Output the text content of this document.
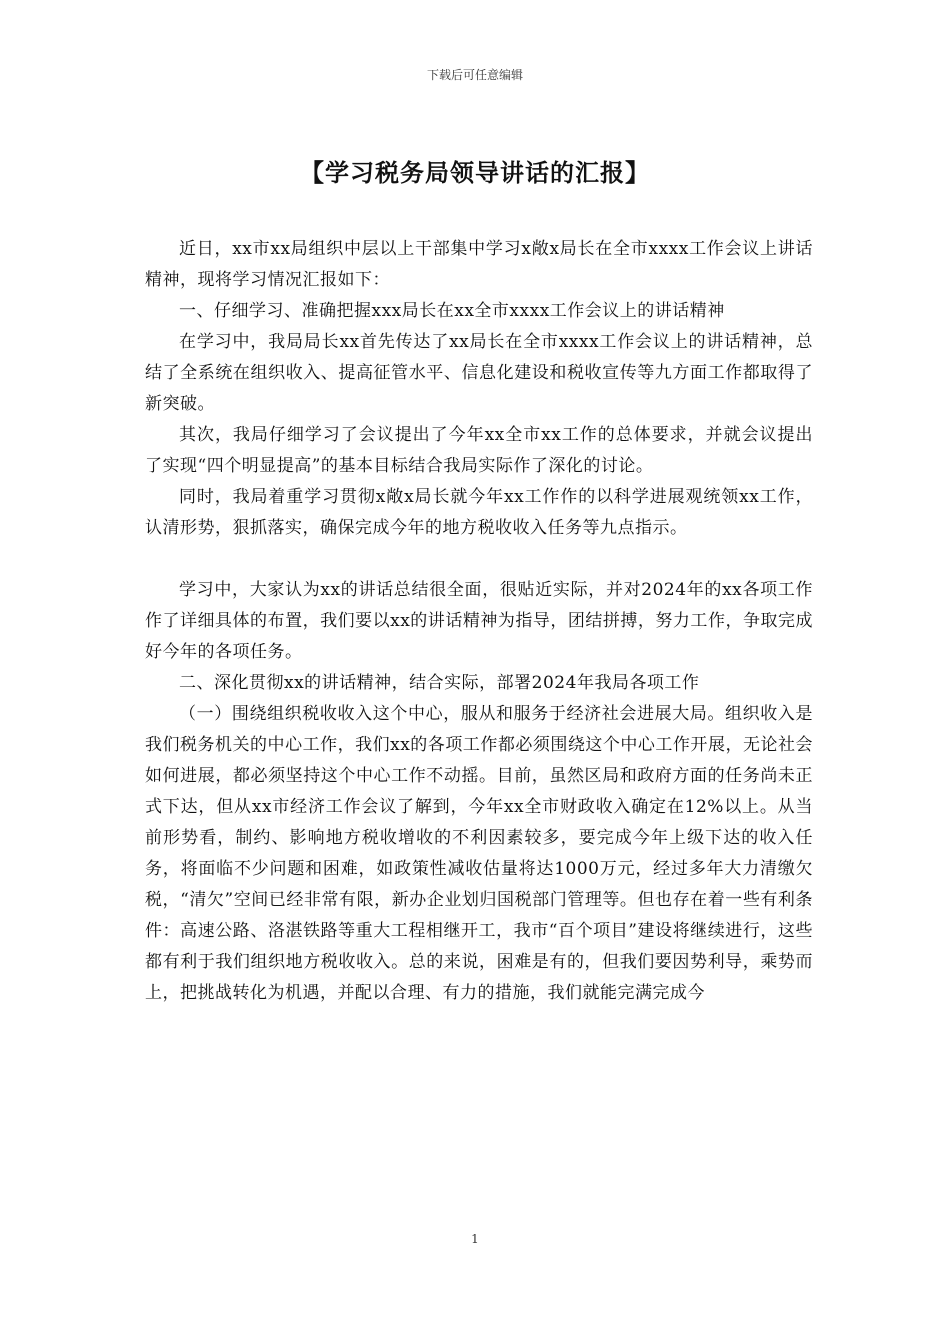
下载后可任意编辑
【学习税务局领导讲话的汇报】

近日，xx市xx局组织中层以上干部集中学习x敞x局长在全市xxxx工作会议上讲话精神，现将学习情况汇报如下：

一、仔细学习、准确把握xxx局长在xx全市xxxx工作会议上的讲话精神

在学习中，我局局长xx首先传达了xx局长在全市xxxx工作会议上的讲话精神，总结了全系统在组织收入、提高征管水平、信息化建设和税收宣传等九方面工作都取得了新突破。

其次，我局仔细学习了会议提出了今年xx全市xx工作的总体要求，并就会议提出了实现“四个明显提高”的基本目标结合我局实际作了深化的讨论。

同时，我局着重学习贯彻x敞x局长就今年xx工作作的以科学进展观统领xx工作，认清形势，狠抓落实，确保完成今年的地方税收收入任务等九点指示。

学习中，大家认为xx的讲话总结很全面，很贴近实际，并对2024年的xx各项工作作了详细具体的布置，我们要以xx的讲话精神为指导，团结拼搏，努力工作，争取完成好今年的各项任务。

二、深化贯彻xx的讲话精神，结合实际，部署2024年我局各项工作

（一）围绕组织税收收入这个中心，服从和服务于经济社会进展大局。组织收入是我们税务机关的中心工作，我们xx的各项工作都必须围绕这个中心工作开展，无论社会如何进展，都必须坚持这个中心工作不动摇。目前，虽然区局和政府方面的任务尚未正式下达，但从xx市经济工作会议了解到，今年xx全市财政收入确定在12%以上。从当前形势看，制约、影响地方税收增收的不利因素较多，要完成今年上级下达的收入任务，将面临不少问题和困难，如政策性减收估量将达1000万元，经过多年大力清缴欠税，“清欠”空间已经非常有限，新办企业划归国税部门管理等。但也存在着一些有利条件：高速公路、洛湛铁路等重大工程相继开工，我市“百个项目”建设将继续进行，这些都有利于我们组织地方税收收入。总的来说，困难是有的，但我们要因势利导，乘势而上，把挑战转化为机遇，并配以合理、有力的措施，我们就能完满完成今

1
